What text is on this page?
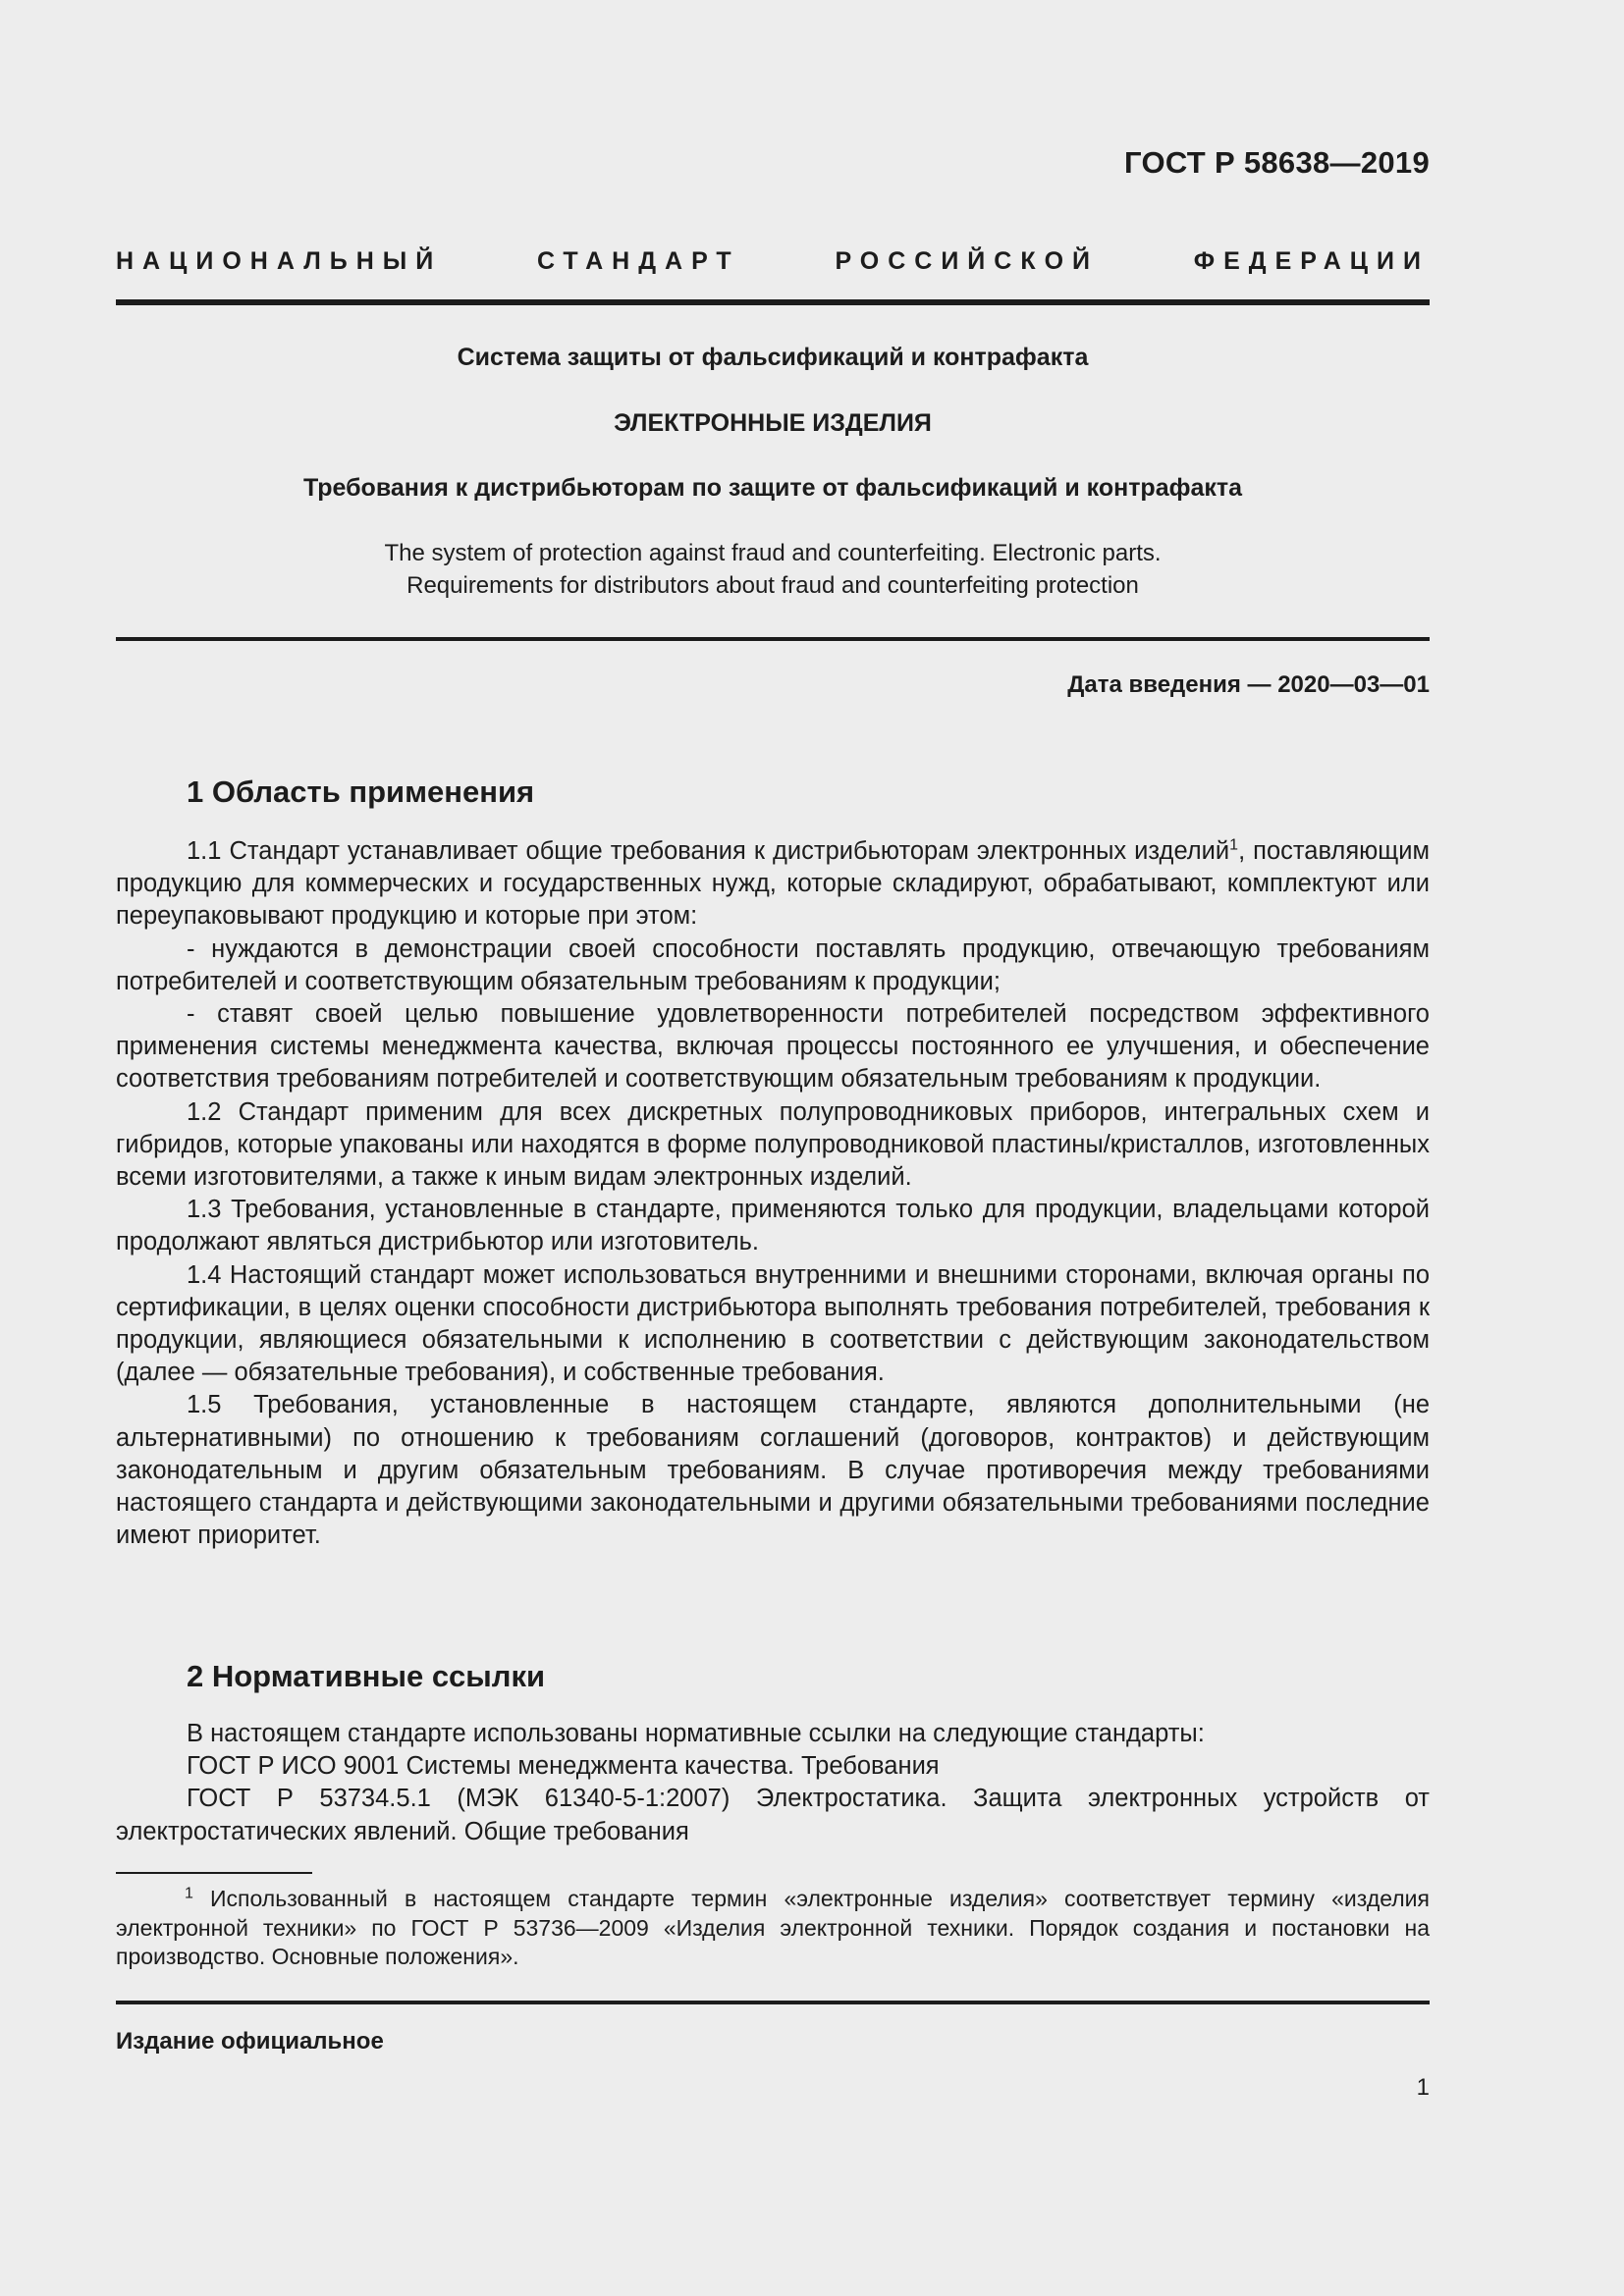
ГОСТ Р 58638—2019
НАЦИОНАЛЬНЫЙ СТАНДАРТ РОССИЙСКОЙ ФЕДЕРАЦИИ
Система защиты от фальсификаций и контрафакта
ЭЛЕКТРОННЫЕ ИЗДЕЛИЯ
Требования к дистрибьюторам по защите от фальсификаций и контрафакта
The system of protection against fraud and counterfeiting. Electronic parts.
Requirements for distributors about fraud and counterfeiting protection
Дата введения — 2020—03—01
1 Область применения

1.1 Стандарт устанавливает общие требования к дистрибьюторам электронных изделий$^1$, поставляющим продукцию для коммерческих и государственных нужд, которые складируют, обрабатывают, комплектуют или переупаковывают продукцию и которые при этом:

- нуждаются в демонстрации своей способности поставлять продукцию, отвечающую требованиям потребителей и соответствующим обязательным требованиям к продукции;

- ставят своей целью повышение удовлетворенности потребителей посредством эффективного применения системы менеджмента качества, включая процессы постоянного ее улучшения, и обеспечение соответствия требованиям потребителей и соответствующим обязательным требованиям к продукции.

1.2 Стандарт применим для всех дискретных полупроводниковых приборов, интегральных схем и гибридов, которые упакованы или находятся в форме полупроводниковой пластины/кристаллов, изготовленных всеми изготовителями, а также к иным видам электронных изделий.

1.3 Требования, установленные в стандарте, применяются только для продукции, владельцами которой продолжают являться дистрибьютор или изготовитель.

1.4 Настоящий стандарт может использоваться внутренними и внешними сторонами, включая органы по сертификации, в целях оценки способности дистрибьютора выполнять требования потребителей, требования к продукции, являющиеся обязательными к исполнению в соответствии с действующим законодательством (далее — обязательные требования), и собственные требования.

1.5 Требования, установленные в настоящем стандарте, являются дополнительными (не альтернативными) по отношению к требованиям соглашений (договоров, контрактов) и действующим законодательным и другим обязательным требованиям. В случае противоречия между требованиями настоящего стандарта и действующими законодательными и другими обязательными требованиями последние имеют приоритет.

2 Нормативные ссылки

В настоящем стандарте использованы нормативные ссылки на следующие стандарты:

ГОСТ Р ИСО 9001 Системы менеджмента качества. Требования

ГОСТ Р 53734.5.1 (МЭК 61340-5-1:2007) Электростатика. Защита электронных устройств от электростатических явлений. Общие требования

$^1$ Использованный в настоящем стандарте термин «электронные изделия» соответствует термину «изделия электронной техники» по ГОСТ Р 53736—2009 «Изделия электронной техники. Порядок создания и постановки на производство. Основные положения».

Издание официальное
1
